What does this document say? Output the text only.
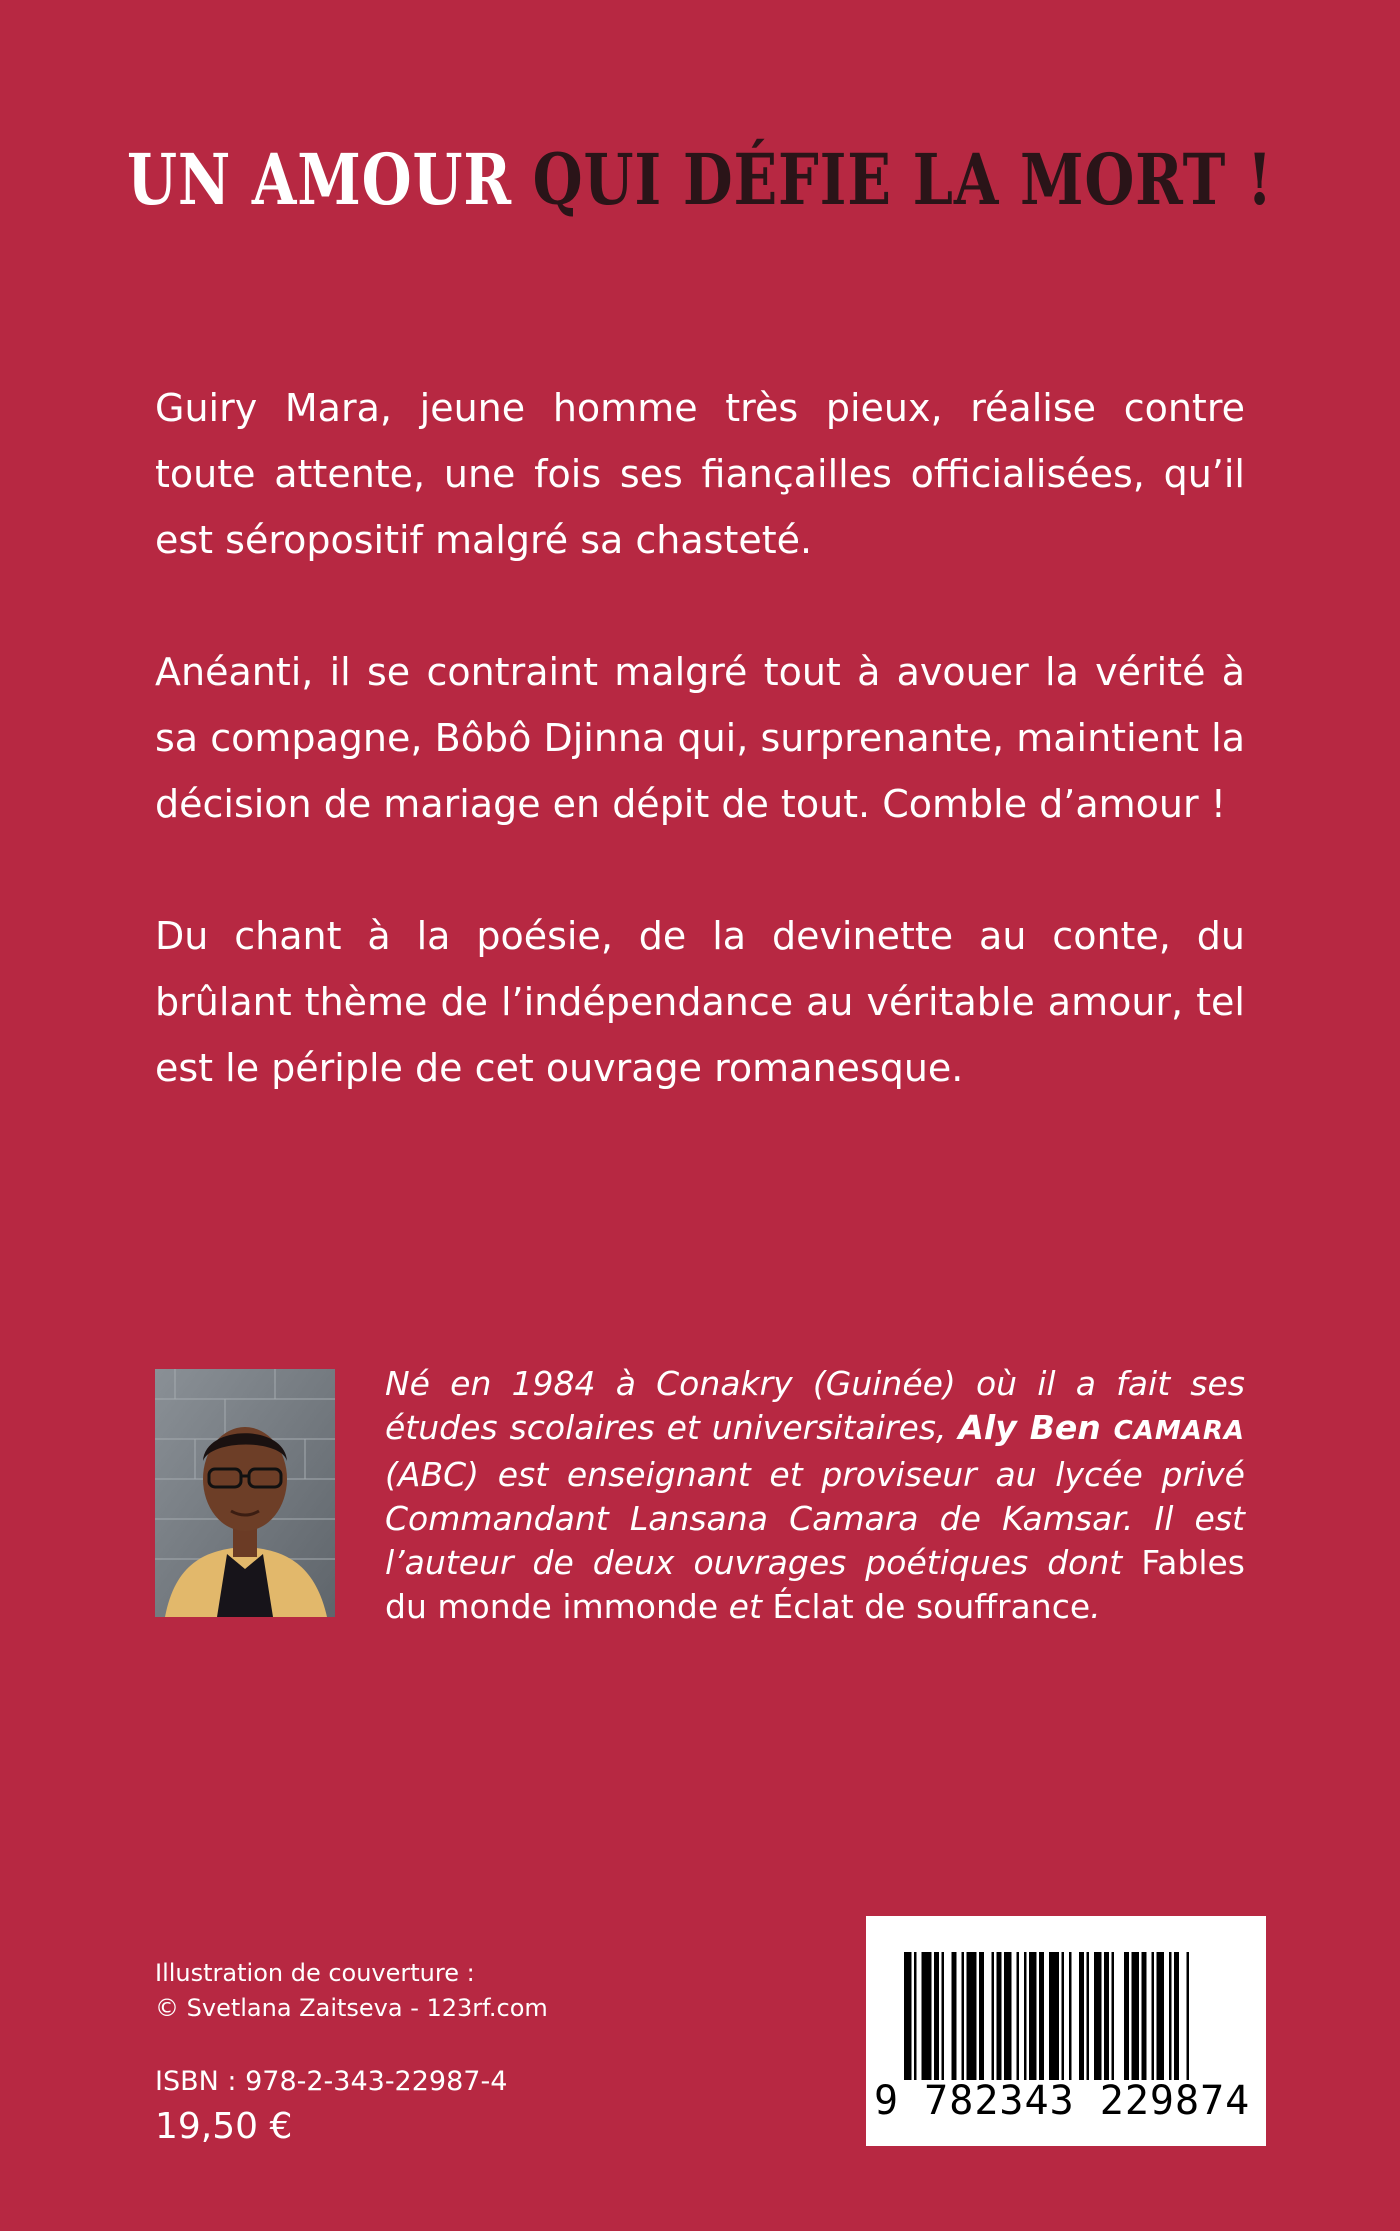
UN AMOUR QUI DÉFIE LA MORT !

Guiry Mara, jeune homme très pieux, réalise contre toute attente, une fois ses fiançailles officialisées, qu’il est séropositif malgré sa chasteté.

Anéanti, il se contraint malgré tout à avouer la vérité à sa compagne, Bôbô Djinna qui, surprenante, maintient la décision de mariage en dépit de tout. Comble d’amour !

Du chant à la poésie, de la devinette au conte, du brûlant thème de l’indépendance au véritable amour, tel est le périple de cet ouvrage romanesque.

Né en 1984 à Conakry (Guinée) où il a fait ses études scolaires et universitaires, Aly Ben CAMARA (ABC) est enseignant et proviseur au lycée privé Commandant Lansana Camara de Kamsar. Il est l’auteur de deux ouvrages poétiques dont Fables du monde immonde et Éclat de souffrance.

Illustration de couverture :
© Svetlana Zaitseva - 123rf.com
ISBN : 978-2-343-22987-4
19,50 €
9 782343 229874
